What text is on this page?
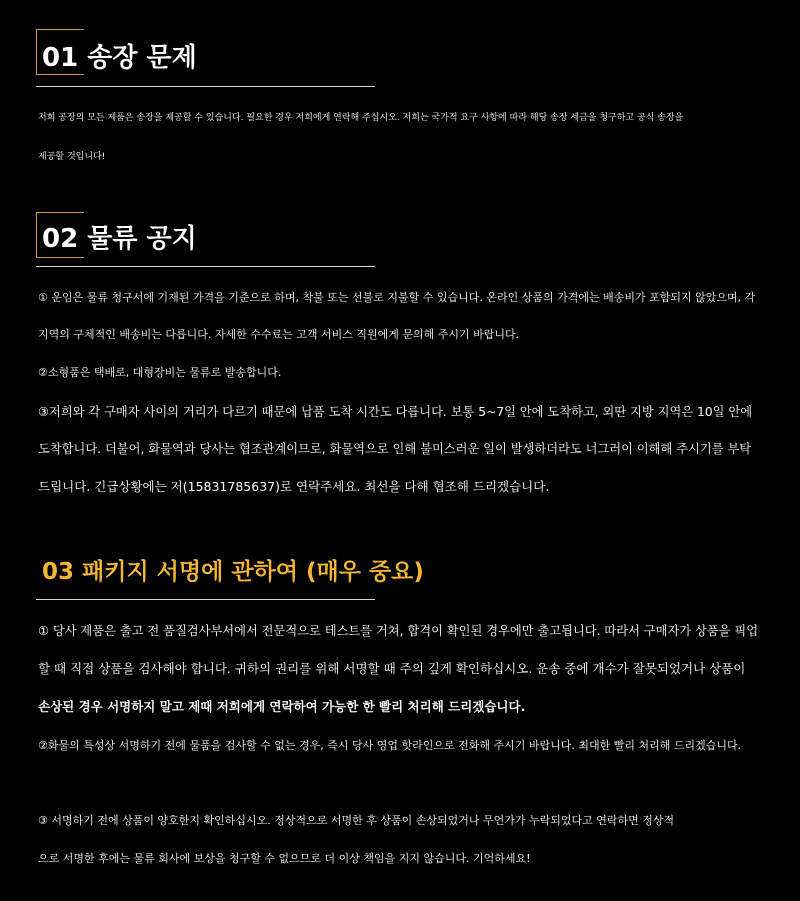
01 송장 문제
저희 공장의 모든 제품은 송장을 제공할 수 있습니다. 필요한 경우 저희에게 연락해 주십시오. 저희는 국가적 요구 사항에 따라 해당 송장 세금을 청구하고 공식 송장을
제공할 것입니다!
02 물류 공지
① 운임은 물류 청구서에 기재된 가격을 기준으로 하며, 착불 또는 선불로 지불할 수 있습니다. 온라인 상품의 가격에는 배송비가 포함되지 않았으며, 각
지역의 구체적인 배송비는 다릅니다. 자세한 수수료는 고객 서비스 직원에게 문의해 주시기 바랍니다.
②소형품은 택배로, 대형장비는 물류로 발송합니다.
③저희와 각 구매자 사이의 거리가 다르기 때문에 납품 도착 시간도 다릅니다. 보통 5~7일 안에 도착하고, 외딴 지방 지역은 10일 안에
도착합니다. 더불어, 화물역과 당사는 협조관계이므로, 화물역으로 인해 불미스러운 일이 발생하더라도 너그러이 이해해 주시기를 부탁
드립니다. 긴급상황에는 저(15831785637)로 연락주세요. 최선을 다해 협조해 드리겠습니다.
03 패키지 서명에 관하여 (매우 중요)
① 당사 제품은 출고 전 품질검사부서에서 전문적으로 테스트를 거쳐, 합격이 확인된 경우에만 출고됩니다. 따라서 구매자가 상품을 픽업
할 때 직접 상품을 검사해야 합니다. 귀하의 권리를 위해 서명할 때 주의 깊게 확인하십시오. 운송 중에 개수가 잘못되었거나 상품이
손상된 경우 서명하지 말고 제때 저희에게 연락하여 가능한 한 빨리 처리해 드리겠습니다.
②화물의 특성상 서명하기 전에 물품을 검사할 수 없는 경우, 즉시 당사 영업 핫라인으로 전화해 주시기 바랍니다. 최대한 빨리 처리해 드리겠습니다.
③ 서명하기 전에 상품이 양호한지 확인하십시오. 정상적으로 서명한 후 상품이 손상되었거나 무언가가 누락되었다고 연락하면 정상적
으로 서명한 후에는 물류 회사에 보상을 청구할 수 없으므로 더 이상 책임을 지지 않습니다. 기억하세요!
